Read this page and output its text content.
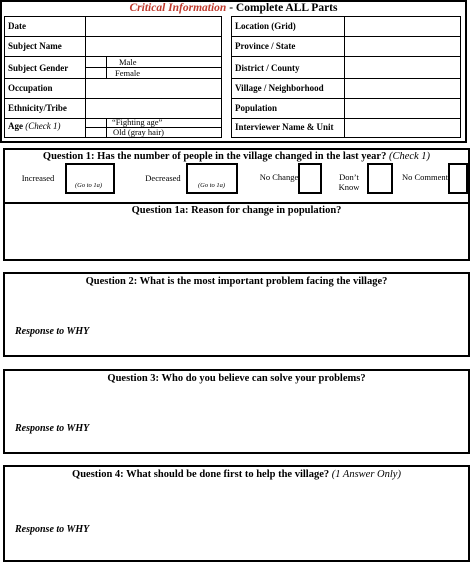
Critical Information - Complete ALL Parts
Date
Subject Name
Subject Gender
Male
Female
Occupation
Ethnicity/Tribe
Age (Check 1)	“Fighting age”
Old (gray hair)
Location (Grid)
Province / State
District / County
Village / Neighborhood
Population
Interviewer Name & Unit
Question 1: Has the number of people in the village changed in the last year? (Check 1)
Increased
(Go to 1a)
Decreased
(Go to 1a)
No Change	Don’t Know
No Comment
Question 1a: Reason for change in population?
Question 2: What is the most important problem facing the village?
Response to WHY
Question 3: Who do you believe can solve your problems?
Response to WHY
Question 4: What should be done first to help the village? (1 Answer Only)
Response to WHY
